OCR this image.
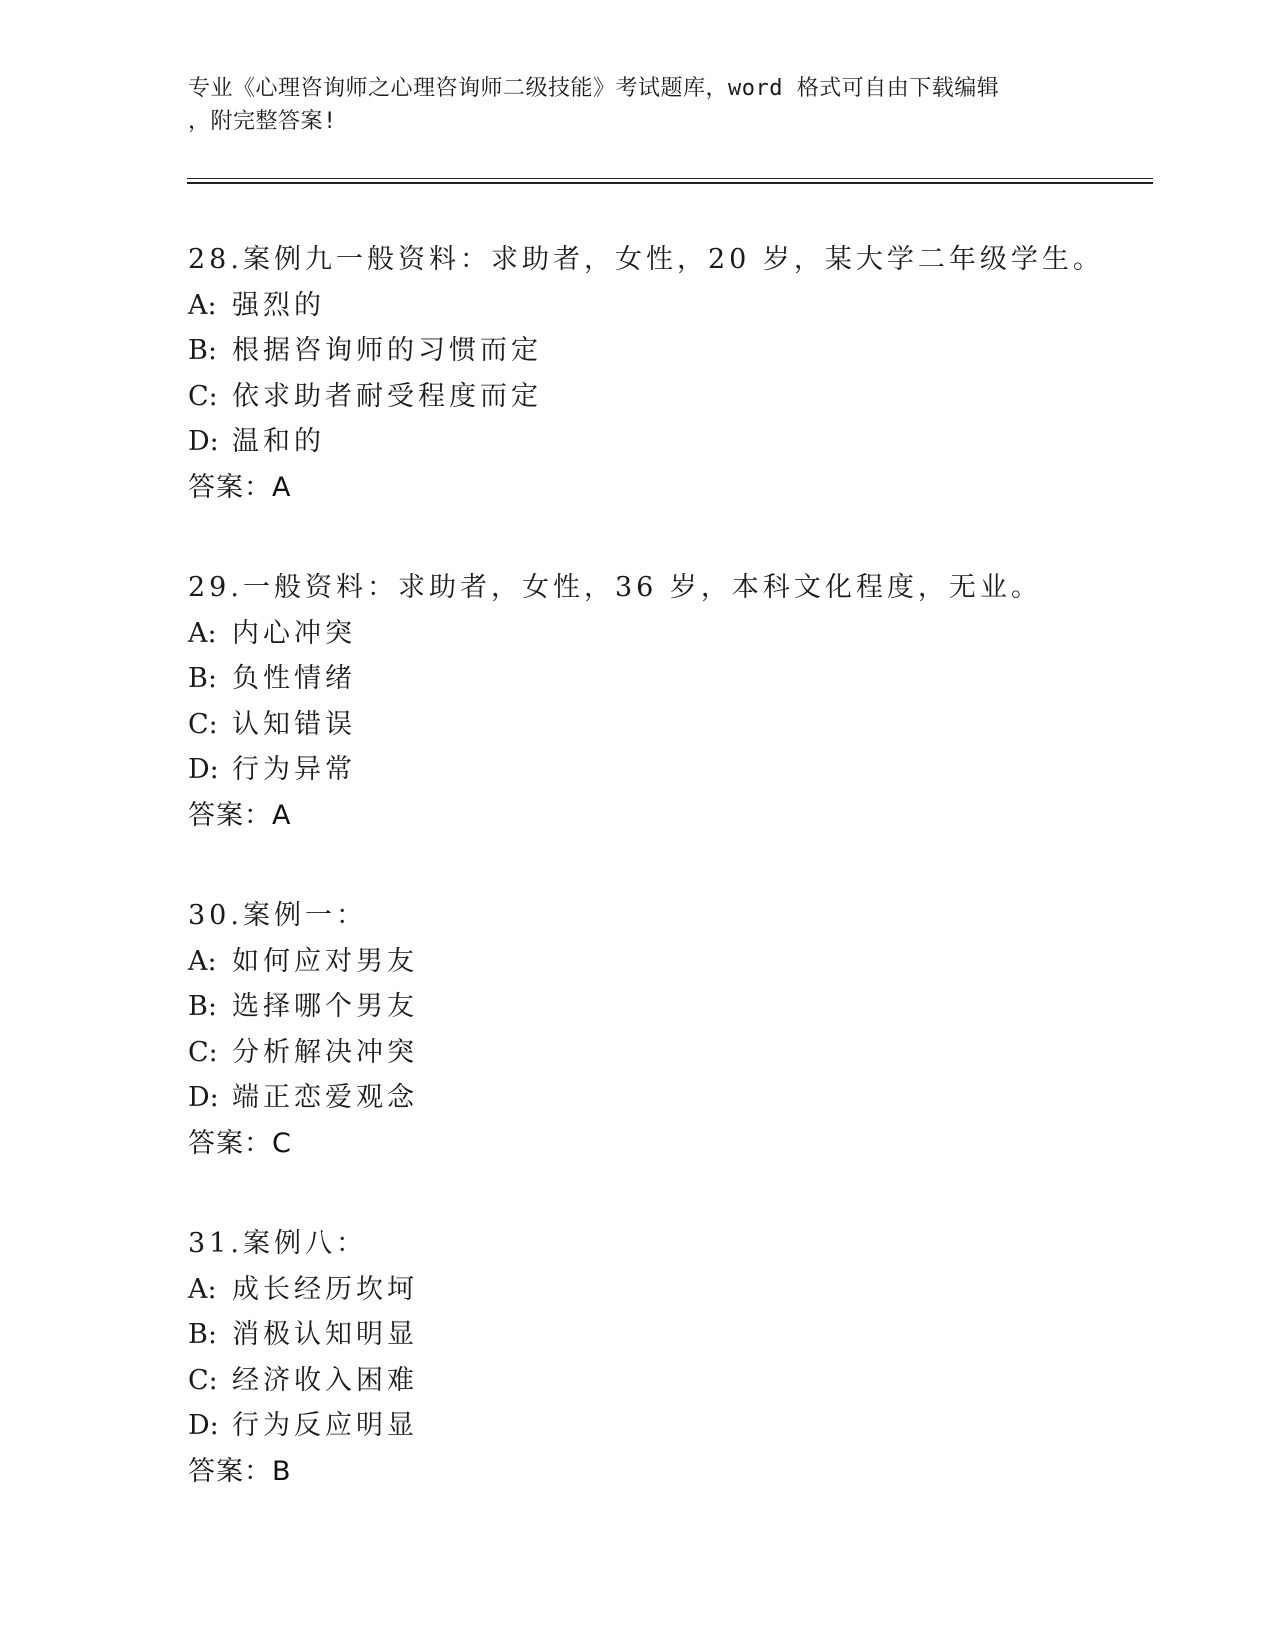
专业《心理咨询师之心理咨询师二级技能》考试题库，word 格式可自由下载编辑
，附完整答案!
28.案例九一般资料：求助者，女性，20 岁，某大学二年级学生。
A: 强烈的
B: 根据咨询师的习惯而定
C: 依求助者耐受程度而定
D: 温和的
答案：A
29.一般资料：求助者，女性，36 岁，本科文化程度，无业。
A: 内心冲突
B: 负性情绪
C: 认知错误
D: 行为异常
答案：A
30.案例一：
A: 如何应对男友
B: 选择哪个男友
C: 分析解决冲突
D: 端正恋爱观念
答案：C
31.案例八：
A: 成长经历坎坷
B: 消极认知明显
C: 经济收入困难
D: 行为反应明显
答案：B
